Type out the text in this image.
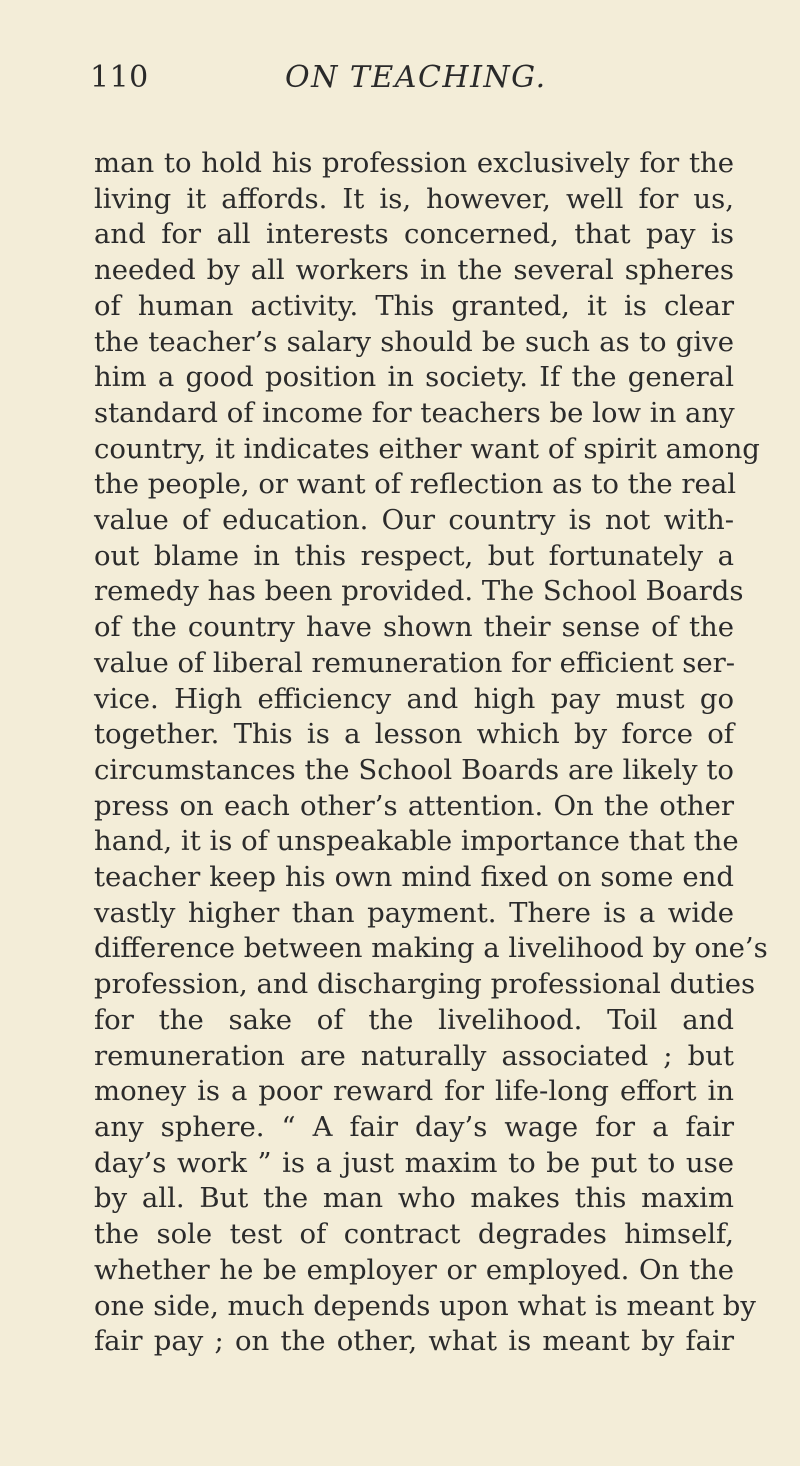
110	ON TEACHING.
man to hold his profession exclusively for the
living it affords. It is, however, well for us,
and for all interests concerned, that pay is
needed by all workers in the several spheres
of human activity. This granted, it is clear
the teacher’s salary should be such as to give
him a good position in society. If the general
standard of income for teachers be low in any
country, it indicates either want of spirit among
the people, or want of reflection as to the real
value of education. Our country is not with-
out blame in this respect, but fortunately a
remedy has been provided. The School Boards
of the country have shown their sense of the
value of liberal remuneration for efficient ser-
vice. High efficiency and high pay must go
together. This is a lesson which by force of
circumstances the School Boards are likely to
press on each other’s attention. On the other
hand, it is of unspeakable importance that the
teacher keep his own mind fixed on some end
vastly higher than payment. There is a wide
difference between making a livelihood by one’s
profession, and discharging professional duties
for the sake of the livelihood. Toil and
remuneration are naturally associated ; but
money is a poor reward for life-long effort in
any sphere. “ A fair day’s wage for a fair
day’s work ” is a just maxim to be put to use
by all. But the man who makes this maxim
the sole test of contract degrades himself,
whether he be employer or employed. On the
one side, much depends upon what is meant by
fair pay ; on the other, what is meant by fair
